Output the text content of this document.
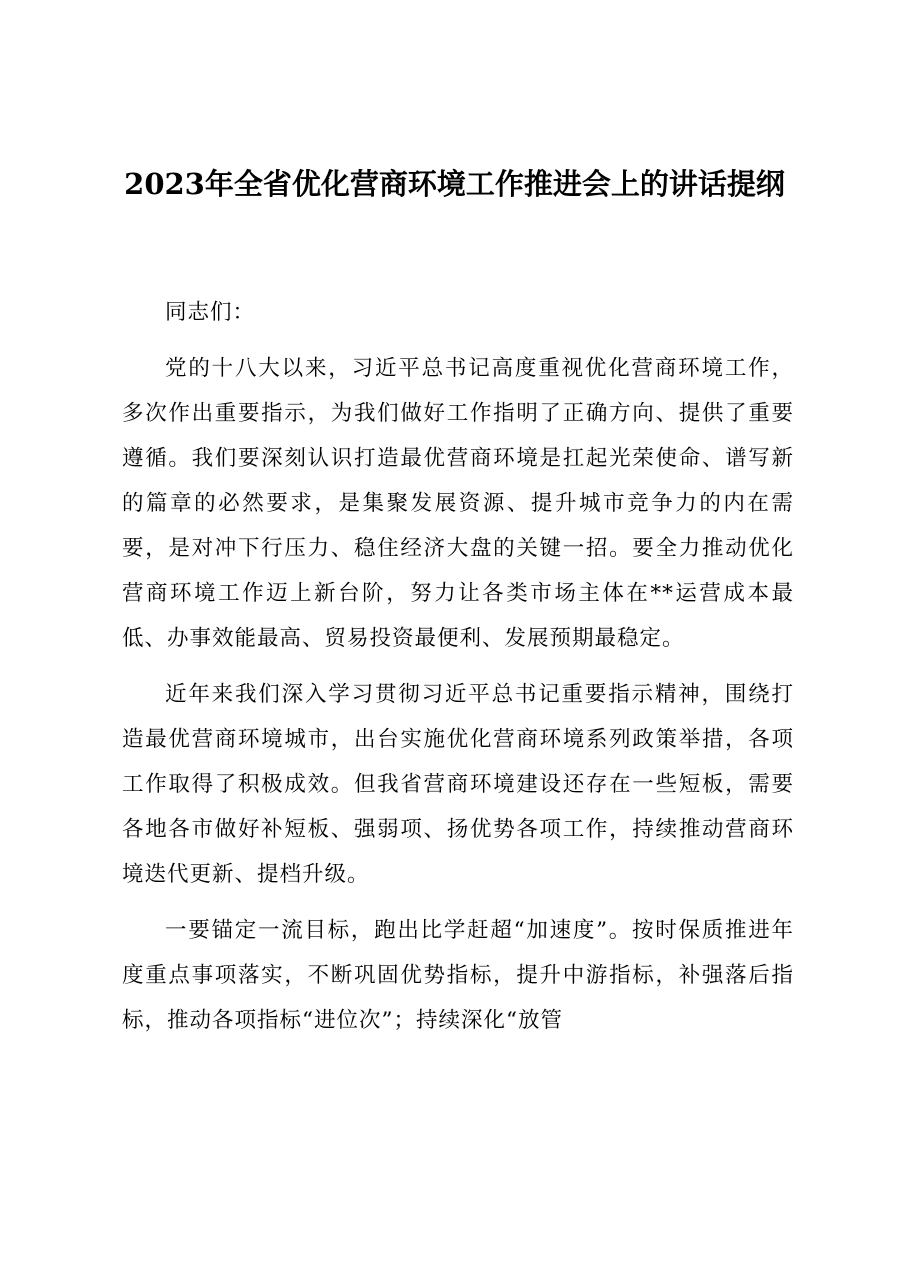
2023年全省优化营商环境工作推进会上的讲话提纲

同志们：

党的十八大以来，习近平总书记高度重视优化营商环境工作，多次作出重要指示，为我们做好工作指明了正确方向、提供了重要遵循。我们要深刻认识打造最优营商环境是扛起光荣使命、谱写新的篇章的必然要求，是集聚发展资源、提升城市竞争力的内在需要，是对冲下行压力、稳住经济大盘的关键一招。要全力推动优化营商环境工作迈上新台阶，努力让各类市场主体在**运营成本最低、办事效能最高、贸易投资最便利、发展预期最稳定。

近年来我们深入学习贯彻习近平总书记重要指示精神，围绕打造最优营商环境城市，出台实施优化营商环境系列政策举措，各项工作取得了积极成效。但我省营商环境建设还存在一些短板，需要各地各市做好补短板、强弱项、扬优势各项工作，持续推动营商环境迭代更新、提档升级。

一要锚定一流目标，跑出比学赶超“加速度”。按时保质推进年度重点事项落实，不断巩固优势指标，提升中游指标，补强落后指标，推动各项指标“进位次”；持续深化“放管
